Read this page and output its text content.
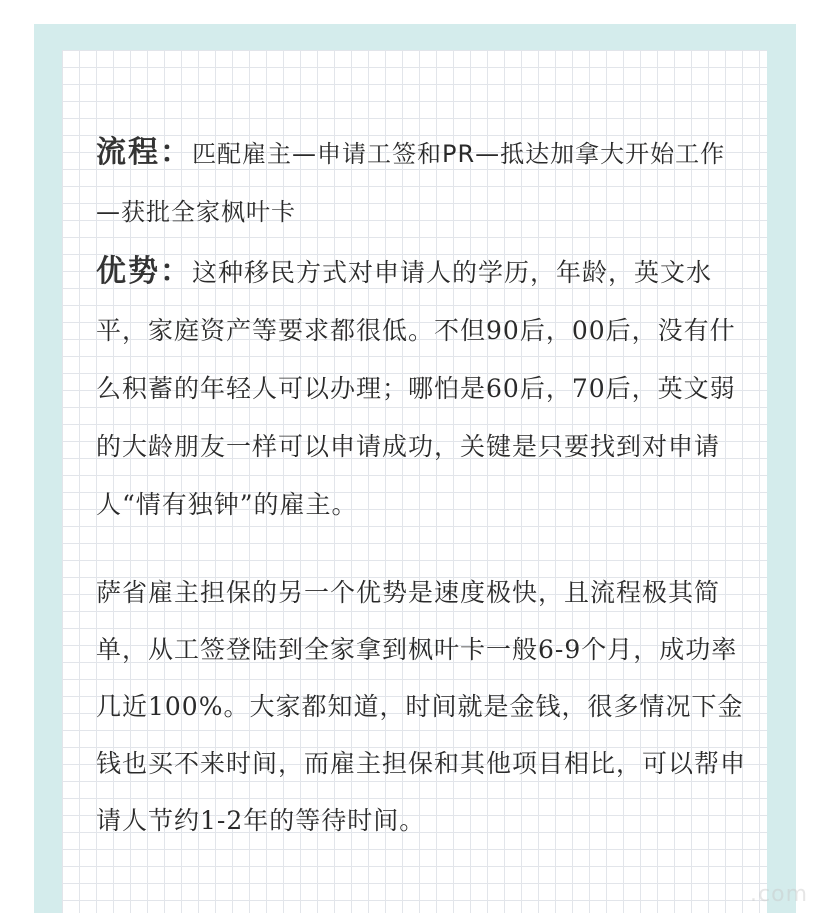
流程：匹配雇主—申请工签和PR—抵达加拿大开始工作—获批全家枫叶卡

优势：这种移民方式对申请人的学历，年龄，英文水平，家庭资产等要求都很低。不但90后，00后，没有什么积蓄的年轻人可以办理；哪怕是60后，70后，英文弱的大龄朋友一样可以申请成功，关键是只要找到对申请人“情有独钟”的雇主。

萨省雇主担保的另一个优势是速度极快，且流程极其简单，从工签登陆到全家拿到枫叶卡一般6-9个月，成功率几近100%。大家都知道，时间就是金钱，很多情况下金钱也买不来时间，而雇主担保和其他项目相比，可以帮申请人节约1-2年的等待时间。

.com
